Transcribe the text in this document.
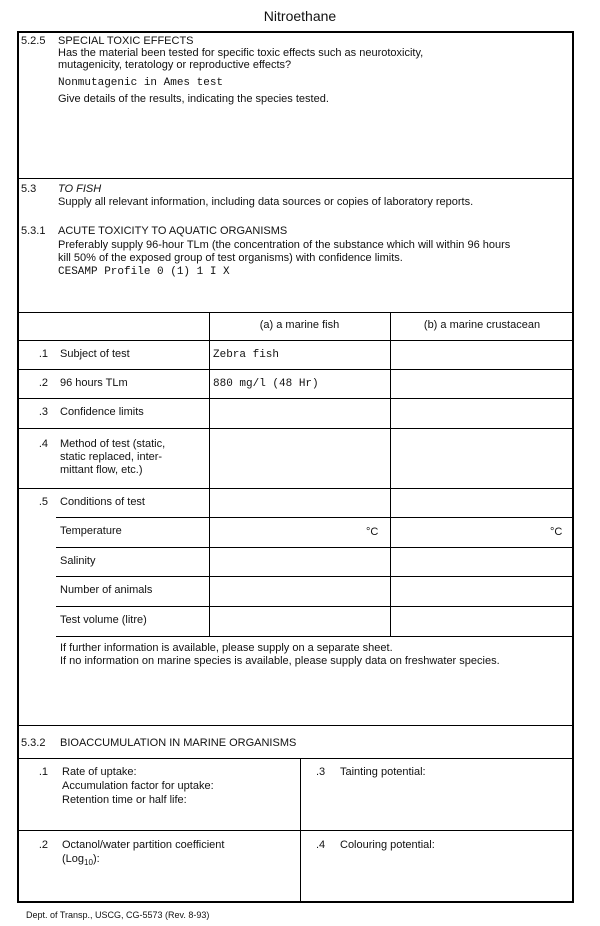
Nitroethane
5.2.5 SPECIAL TOXIC EFFECTS
Has the material been tested for specific toxic effects such as neurotoxicity,
mutagenicity, teratology or reproductive effects?
Nonmutagenic in Ames test
Give details of the results, indicating the species tested.
5.3 TO FISH
Supply all relevant information, including data sources or copies of laboratory reports.
5.3.1 ACUTE TOXICITY TO AQUATIC ORGANISMS
Preferably supply 96-hour TLm (the concentration of the substance which will within 96 hours
kill 50% of the exposed group of test organisms) with confidence limits.
CESAMP Profile 0 (1) 1 I X
(a) a marine fish	(b) a marine crustacean
.1 Subject of test	Zebra fish
.2 96 hours TLm	880 mg/l (48 Hr)
.3 Confidence limits
.4 Method of test (static,
static replaced, inter-
mittant flow, etc.)
.5 Conditions of test
Temperature	°C	°C
Salinity
Number of animals
Test volume (litre)
If further information is available, please supply on a separate sheet.
If no information on marine species is available, please supply data on freshwater species.
5.3.2 BIOACCUMULATION IN MARINE ORGANISMS
.1 Rate of uptake:
Accumulation factor for uptake:
Retention time or half life:
.3 Tainting potential:
.2 Octanol/water partition coefficient
(Log$_{10}$):
.4 Colouring potential:
Dept. of Transp., USCG, CG-5573 (Rev. 8-93)
